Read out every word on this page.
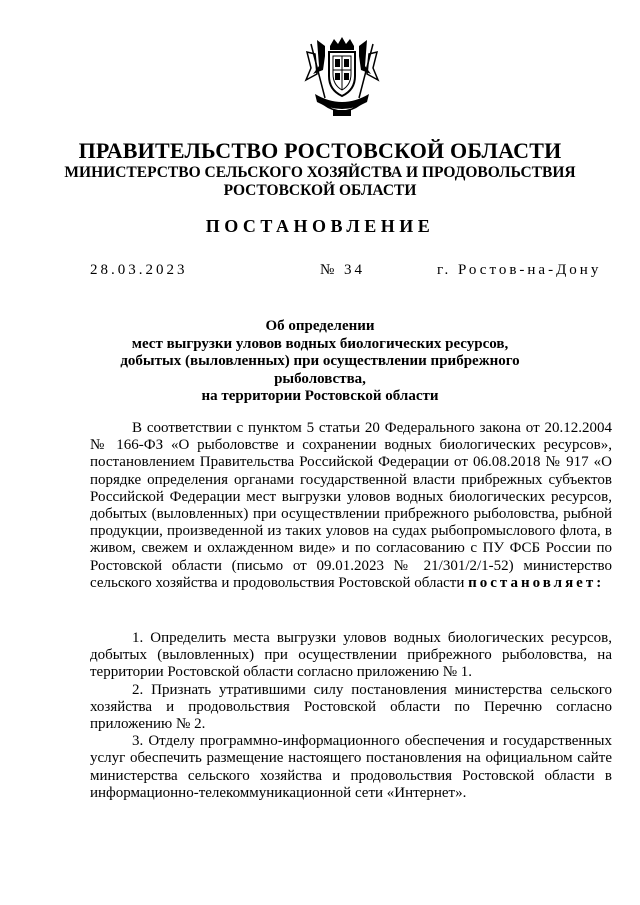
ПРАВИТЕЛЬСТВО РОСТОВСКОЙ ОБЛАСТИ
МИНИСТЕРСТВО СЕЛЬСКОГО ХОЗЯЙСТВА И ПРОДОВОЛЬСТВИЯ
РОСТОВСКОЙ ОБЛАСТИ
ПОСТАНОВЛЕНИЕ
28.03.2023	№ 34	г. Ростов-на-Дону
Об определении
мест выгрузки уловов водных биологических ресурсов,
добытых (выловленных) при осуществлении прибрежного рыболовства,
на территории Ростовской области

В соответствии с пунктом 5 статьи 20 Федерального закона от 20.12.2004 № 166-ФЗ «О рыболовстве и сохранении водных биологических ресурсов», постановлением Правительства Российской Федерации от 06.08.2018 № 917 «О порядке определения органами государственной власти прибрежных субъектов Российской Федерации мест выгрузки уловов водных биологических ресурсов, добытых (выловленных) при осуществлении прибрежного рыболовства, рыбной продукции, произведенной из таких уловов на судах рыбопромыслового флота, в живом, свежем и охлажденном виде» и по согласованию с ПУ ФСБ России по Ростовской области (письмо от 09.01.2023 № 21/301/2/1-52) министерство сельского хозяйства и продовольствия Ростовской области постановляет:

1. Определить места выгрузки уловов водных биологических ресурсов, добытых (выловленных) при осуществлении прибрежного рыболовства, на территории Ростовской области согласно приложению № 1.

2. Признать утратившими силу постановления министерства сельского хозяйства и продовольствия Ростовской области по Перечню согласно приложению № 2.

3. Отделу программно-информационного обеспечения и государственных услуг обеспечить размещение настоящего постановления на официальном сайте министерства сельского хозяйства и продовольствия Ростовской области в информационно-телекоммуникационной сети «Интернет».
